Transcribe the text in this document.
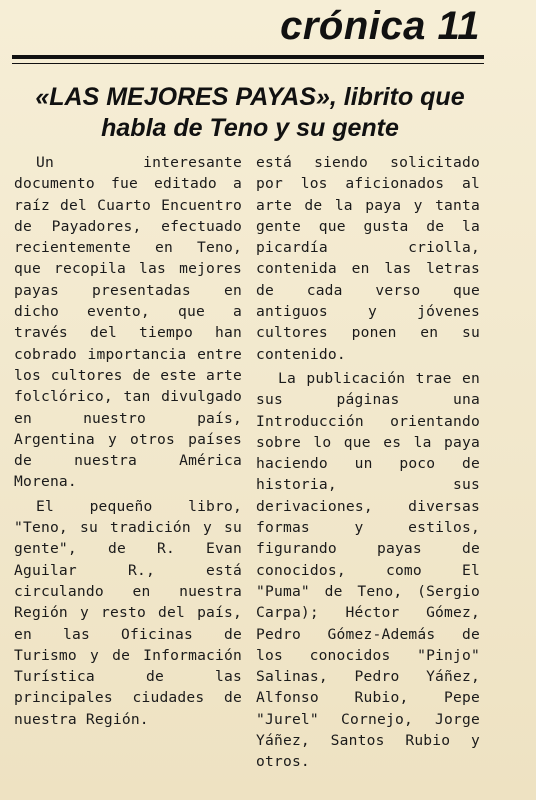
crónica 11
«LAS MEJORES PAYAS», librito que habla de Teno y su gente

Un interesante documento fue editado a raíz del Cuarto Encuentro de Payadores, efectuado recientemente en Teno, que recopila las mejores payas presentadas en dicho evento, que a través del tiempo han cobrado importancia entre los cultores de este arte folclórico, tan divulgado en nuestro país, Argentina y otros países de nuestra América Morena.

El pequeño libro, "Teno, su tradición y su gente", de R. Evan Aguilar R., está circulando en nuestra Región y resto del país, en las Oficinas de Turismo y de Información Turística de las principales ciudades de nuestra Región.

está siendo solicitado por los aficionados al arte de la paya y tanta gente que gusta de la picardía criolla, contenida en las letras de cada verso que antiguos y jóvenes cultores ponen en su contenido.

La publicación trae en sus páginas una Introducción orientando sobre lo que es la paya haciendo un poco de historia, sus derivaciones, diversas formas y estilos, figurando payas de conocidos, como El "Puma" de Teno, (Sergio Carpa); Héctor Gómez, Pedro Gómez-Además de los conocidos "Pinjo" Salinas, Pedro Yáñez, Alfonso Rubio, Pepe "Jurel" Cornejo, Jorge Yáñez, Santos Rubio y otros.
